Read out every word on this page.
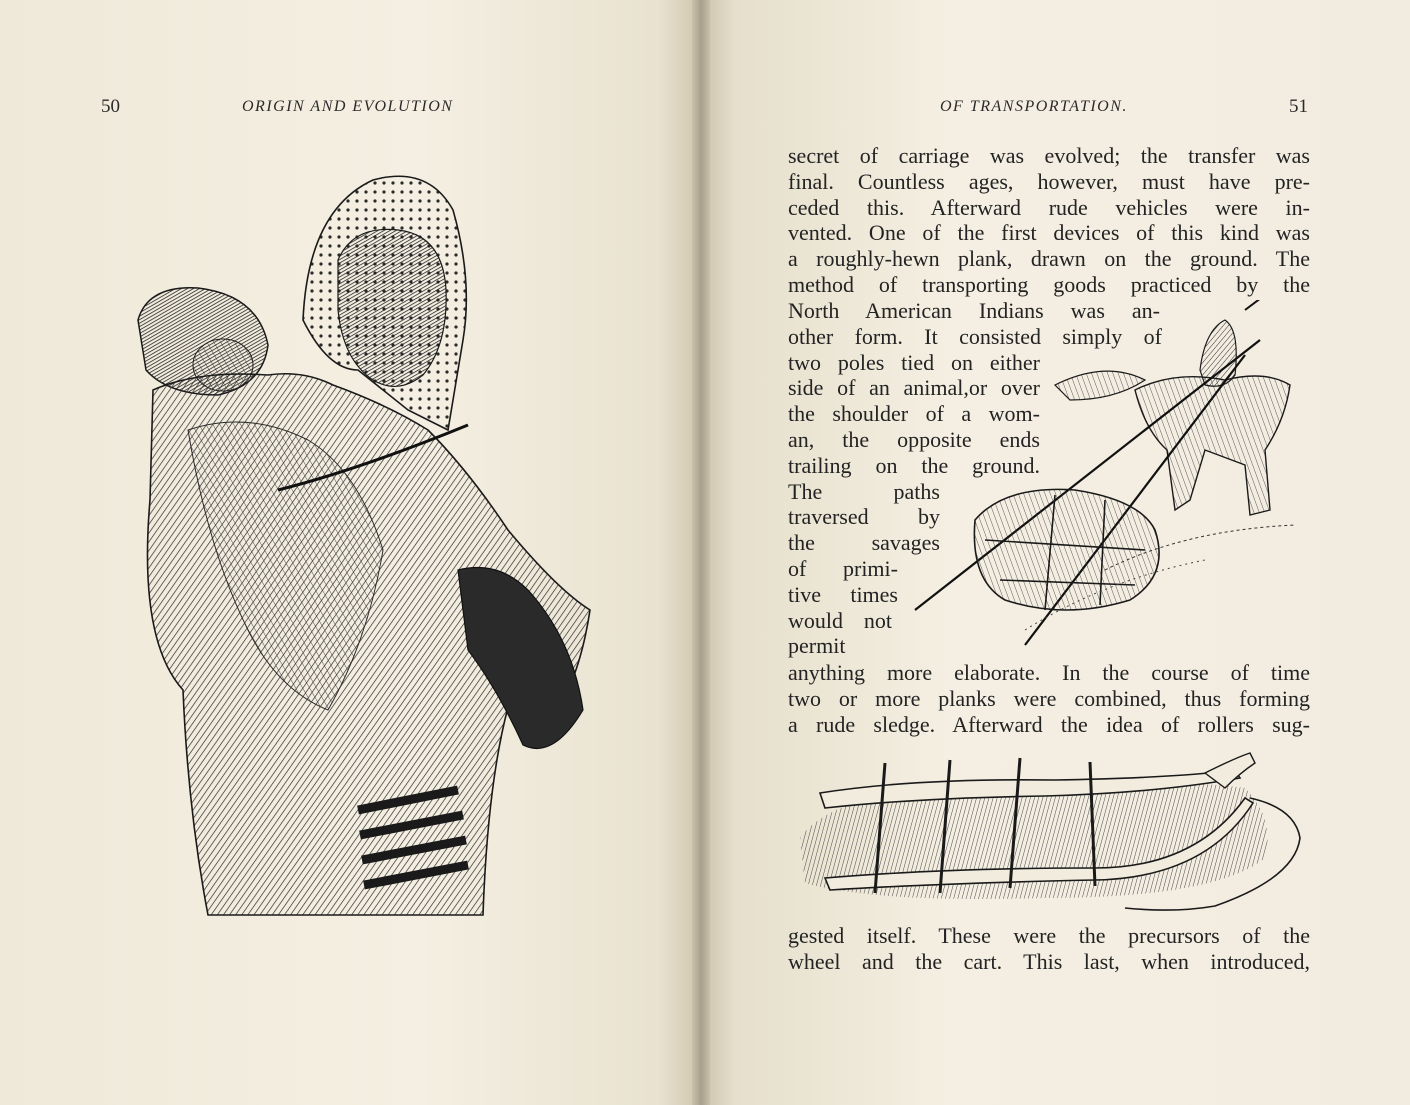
50	ORIGIN AND EVOLUTION	OF TRANSPORTATION.	51
secret of carriage was evolved; the transfer was
final. Countless ages, however, must have pre-
ceded this. Afterward rude vehicles were in-
vented. One of the first devices of this kind was
a roughly-hewn plank, drawn on the ground. The
method of transporting goods practiced by the
North American Indians was an-
other form. It consisted simply of
two poles tied on either
side of an animal,or over
the shoulder of a wom-
an, the opposite ends
trailing on the ground.
The paths
traversed by
the savages
of primi-
tive times
would not
permit
anything more elaborate. In the course of time
two or more planks were combined, thus forming
a rude sledge. Afterward the idea of rollers sug-
gested itself. These were the precursors of the
wheel and the cart. This last, when introduced,
